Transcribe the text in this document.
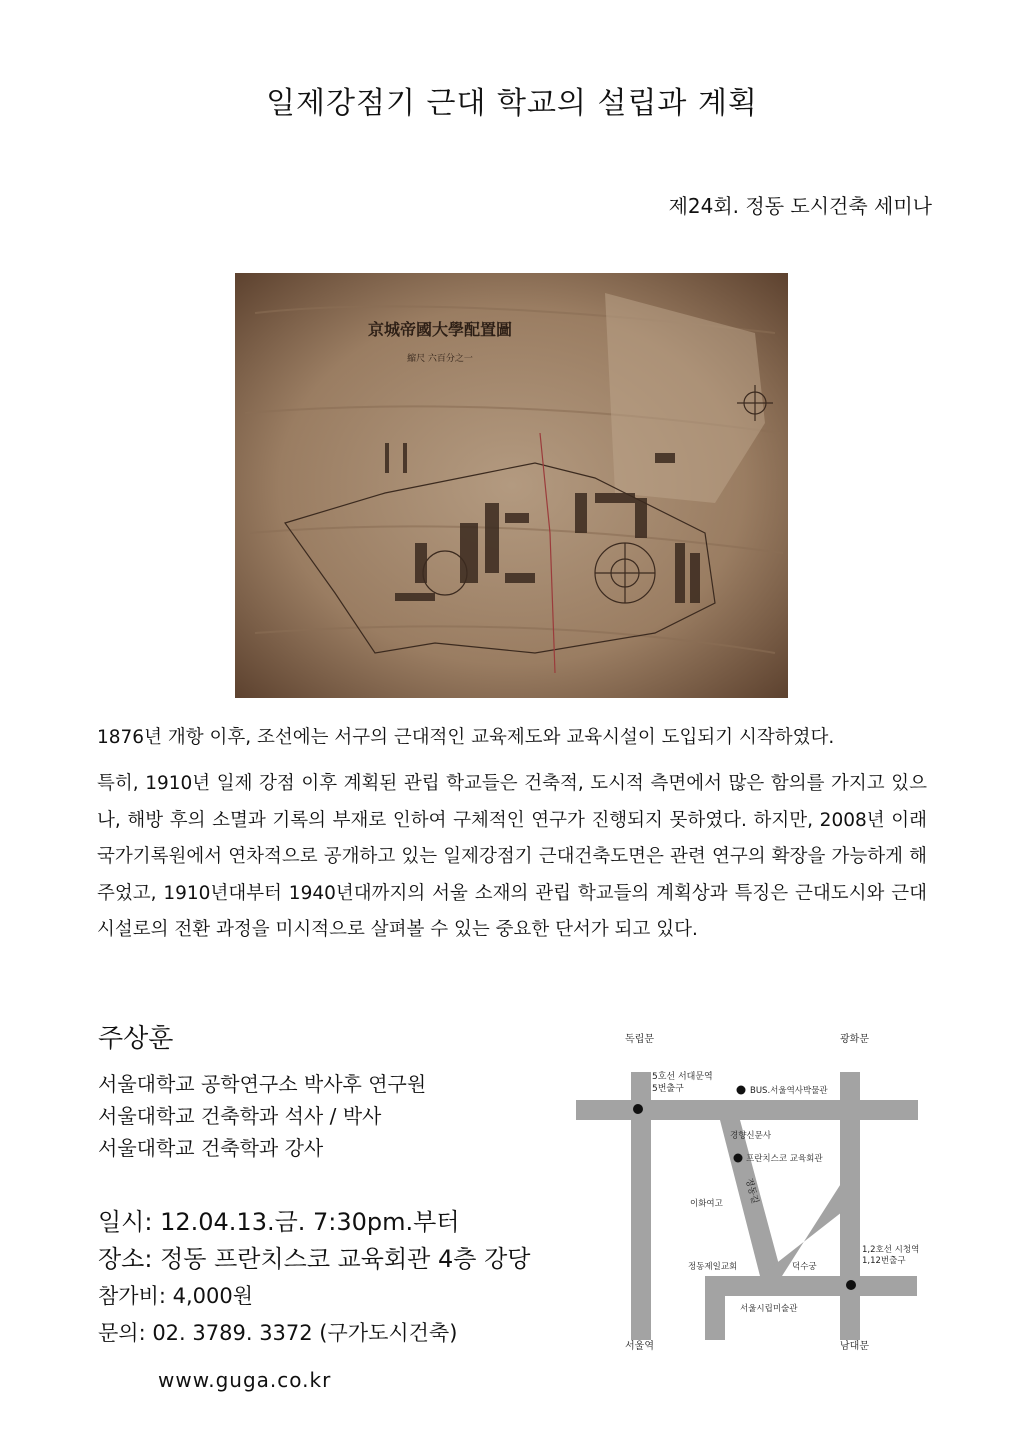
일제강점기 근대 학교의 설립과 계획
제24회. 정동 도시건축 세미나
京城帝國大學配置圖
縮尺 六百分之一
1876년 개항 이후, 조선에는 서구의 근대적인 교육제도와 교육시설이 도입되기 시작하였다.
특히, 1910년 일제 강점 이후 계획된 관립 학교들은 건축적, 도시적 측면에서 많은 함의를 가지고 있으나, 해방 후의 소멸과 기록의 부재로 인하여 구체적인 연구가 진행되지 못하였다. 하지만, 2008년 이래 국가기록원에서 연차적으로 공개하고 있는 일제강점기 근대건축도면은 관련 연구의 확장을 가능하게 해주었고, 1910년대부터 1940년대까지의 서울 소재의 관립 학교들의 계획상과 특징은 근대도시와 근대시설로의 전환 과정을 미시적으로 살펴볼 수 있는 중요한 단서가 되고 있다.
주상훈
서울대학교 공학연구소 박사후 연구원
서울대학교 건축학과 석사 / 박사
서울대학교 건축학과 강사
일시: 12.04.13.금. 7:30pm.부터
장소: 정동 프란치스코 교육회관 4층 강당
참가비: 4,000원
문의: 02. 3789. 3372 (구가도시건축)
www.guga.co.kr
독립문	광화문
5호선 서대문역
5번출구	BUS.서울역사박물관
경향신문사
프란치스코 교육회관
이화여고 정동길
1,2호선 시청역
1,12번출구
정동제일교회	덕수궁
서울시립미술관
서울역	남대문
